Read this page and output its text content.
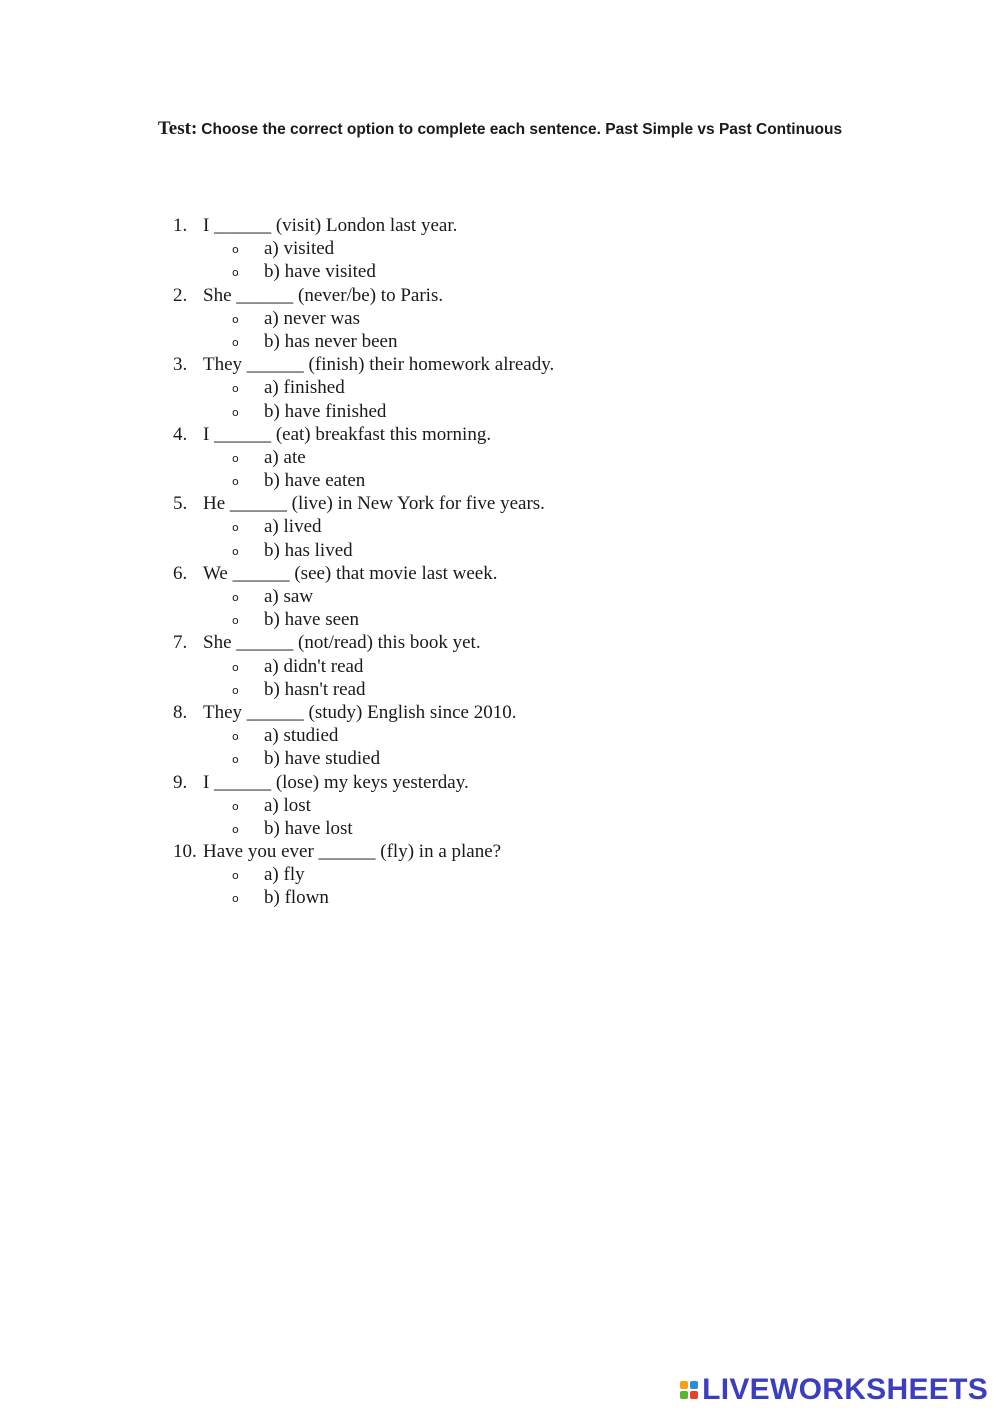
Test: Choose the correct option to complete each sentence. Past Simple vs Past Continuous
1. I ______ (visit) London last year.
o a) visited
o b) have visited
2. She ______ (never/be) to Paris.
o a) never was
o b) has never been
3. They ______ (finish) their homework already.
o a) finished
o b) have finished
4. I ______ (eat) breakfast this morning.
o a) ate
o b) have eaten
5. He ______ (live) in New York for five years.
o a) lived
o b) has lived
6. We ______ (see) that movie last week.
o a) saw
o b) have seen
7. She ______ (not/read) this book yet.
o a) didn't read
o b) hasn't read
8. They ______ (study) English since 2010.
o a) studied
o b) have studied
9. I ______ (lose) my keys yesterday.
o a) lost
o b) have lost
10. Have you ever ______ (fly) in a plane?
o a) fly
o b) flown
LIVEWORKSHEETS
